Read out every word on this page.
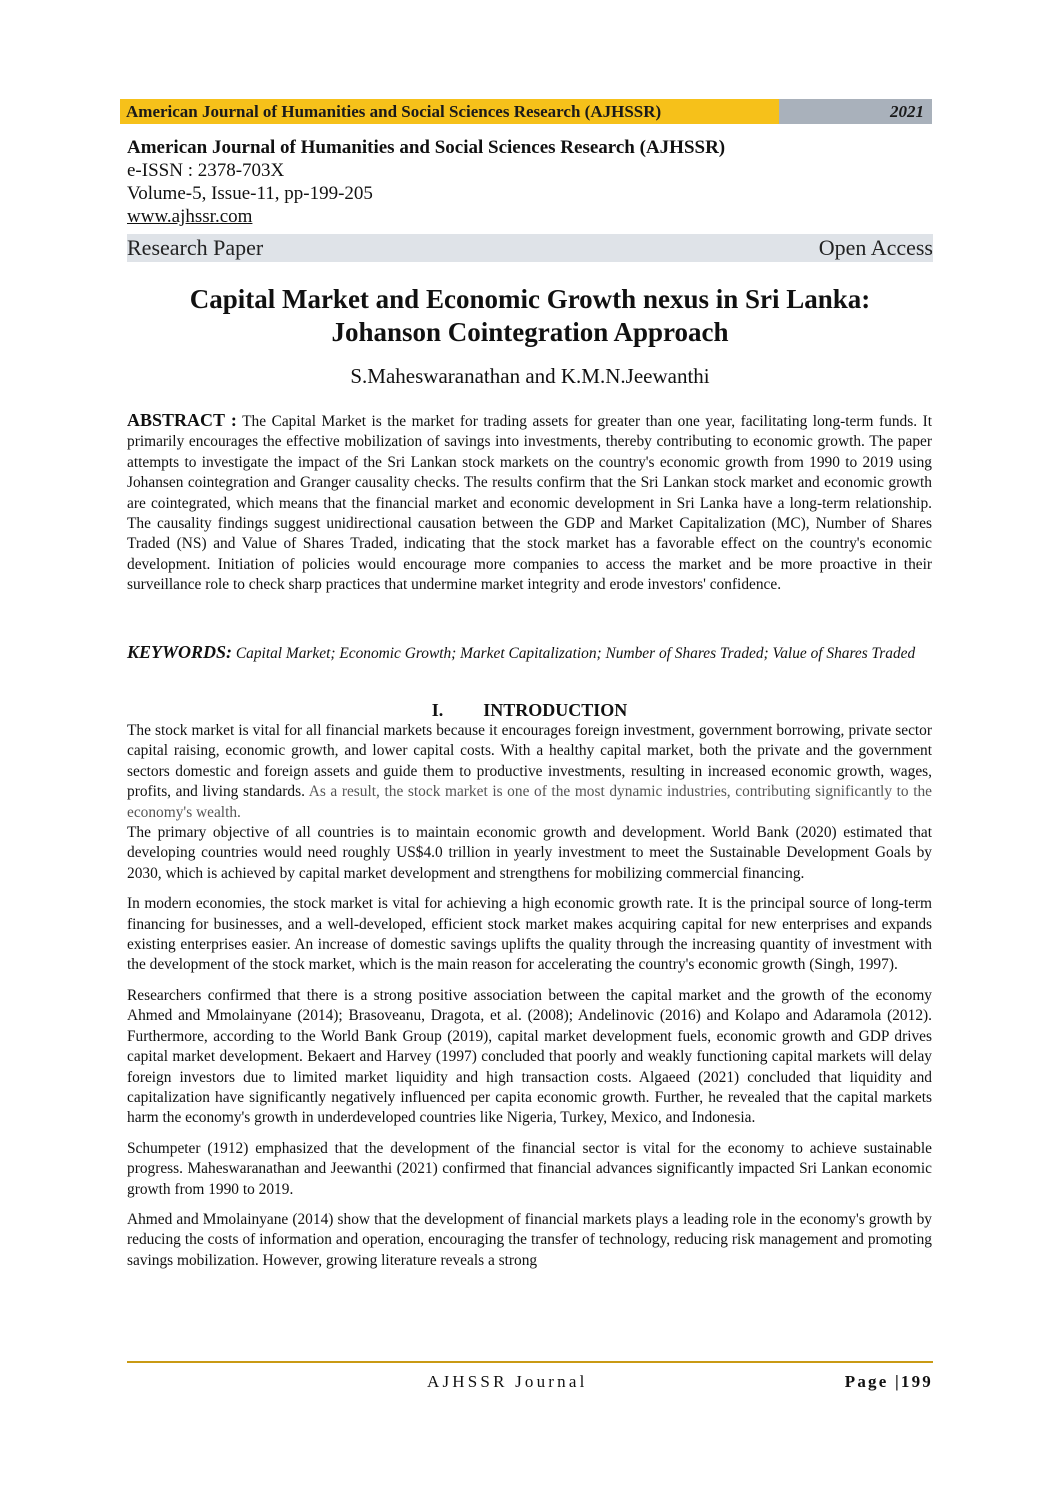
American Journal of Humanities and Social Sciences Research (AJHSSR)	2021
American Journal of Humanities and Social Sciences Research (AJHSSR)
e-ISSN : 2378-703X
Volume-5, Issue-11, pp-199-205
www.ajhssr.com
Research Paper	Open Access
Capital Market and Economic Growth nexus in Sri Lanka:
Johanson Cointegration Approach
S.Maheswaranathan and K.M.N.Jeewanthi

ABSTRACT : The Capital Market is the market for trading assets for greater than one year, facilitating long-term funds. It primarily encourages the effective mobilization of savings into investments, thereby contributing to economic growth. The paper attempts to investigate the impact of the Sri Lankan stock markets on the country's economic growth from 1990 to 2019 using Johansen cointegration and Granger causality checks. The results confirm that the Sri Lankan stock market and economic growth are cointegrated, which means that the financial market and economic development in Sri Lanka have a long-term relationship. The causality findings suggest unidirectional causation between the GDP and Market Capitalization (MC), Number of Shares Traded (NS) and Value of Shares Traded, indicating that the stock market has a favorable effect on the country's economic development. Initiation of policies would encourage more companies to access the market and be more proactive in their surveillance role to check sharp practices that undermine market integrity and erode investors' confidence.

KEYWORDS: Capital Market; Economic Growth; Market Capitalization; Number of Shares Traded; Value of Shares Traded

I. INTRODUCTION

The stock market is vital for all financial markets because it encourages foreign investment, government borrowing, private sector capital raising, economic growth, and lower capital costs. With a healthy capital market, both the private and the government sectors domestic and foreign assets and guide them to productive investments, resulting in increased economic growth, wages, profits, and living standards. As a result, the stock market is one of the most dynamic industries, contributing significantly to the economy's wealth.

The primary objective of all countries is to maintain economic growth and development. World Bank (2020) estimated that developing countries would need roughly US$4.0 trillion in yearly investment to meet the Sustainable Development Goals by 2030, which is achieved by capital market development and strengthens for mobilizing commercial financing.

In modern economies, the stock market is vital for achieving a high economic growth rate. It is the principal source of long-term financing for businesses, and a well-developed, efficient stock market makes acquiring capital for new enterprises and expands existing enterprises easier. An increase of domestic savings uplifts the quality through the increasing quantity of investment with the development of the stock market, which is the main reason for accelerating the country's economic growth (Singh, 1997).

Researchers confirmed that there is a strong positive association between the capital market and the growth of the economy Ahmed and Mmolainyane (2014); Brasoveanu, Dragota, et al. (2008); Andelinovic (2016) and Kolapo and Adaramola (2012). Furthermore, according to the World Bank Group (2019), capital market development fuels, economic growth and GDP drives capital market development. Bekaert and Harvey (1997) concluded that poorly and weakly functioning capital markets will delay foreign investors due to limited market liquidity and high transaction costs. Algaeed (2021) concluded that liquidity and capitalization have significantly negatively influenced per capita economic growth. Further, he revealed that the capital markets harm the economy's growth in underdeveloped countries like Nigeria, Turkey, Mexico, and Indonesia.

Schumpeter (1912) emphasized that the development of the financial sector is vital for the economy to achieve sustainable progress. Maheswaranathan and Jeewanthi (2021) confirmed that financial advances significantly impacted Sri Lankan economic growth from 1990 to 2019.

Ahmed and Mmolainyane (2014) show that the development of financial markets plays a leading role in the economy's growth by reducing the costs of information and operation, encouraging the transfer of technology, reducing risk management and promoting savings mobilization. However, growing literature reveals a strong

AJHSSR Journal	Page |199
